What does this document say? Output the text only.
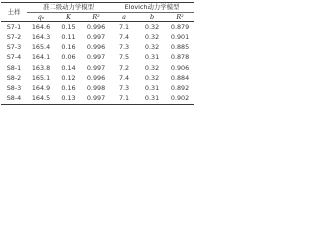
土样	准二级动力学模型			Elovich动力学模型		
	qₑ	K	R²	a	b	R²
S7-1	164.6	0.15	0.996	7.1	0.32	0.879
S7-2	164.3	0.11	0.997	7.4	0.32	0.901
S7-3	165.4	0.16	0.996	7.3	0.32	0.885
S7-4	164.1	0.06	0.997	7.5	0.31	0.878
S8-1	163.8	0.14	0.997	7.2	0.32	0.906
S8-2	165.1	0.12	0.996	7.4	0.32	0.884
S8-3	164.9	0.16	0.998	7.3	0.31	0.892
S8-4	164.5	0.13	0.997	7.1	0.31	0.902
